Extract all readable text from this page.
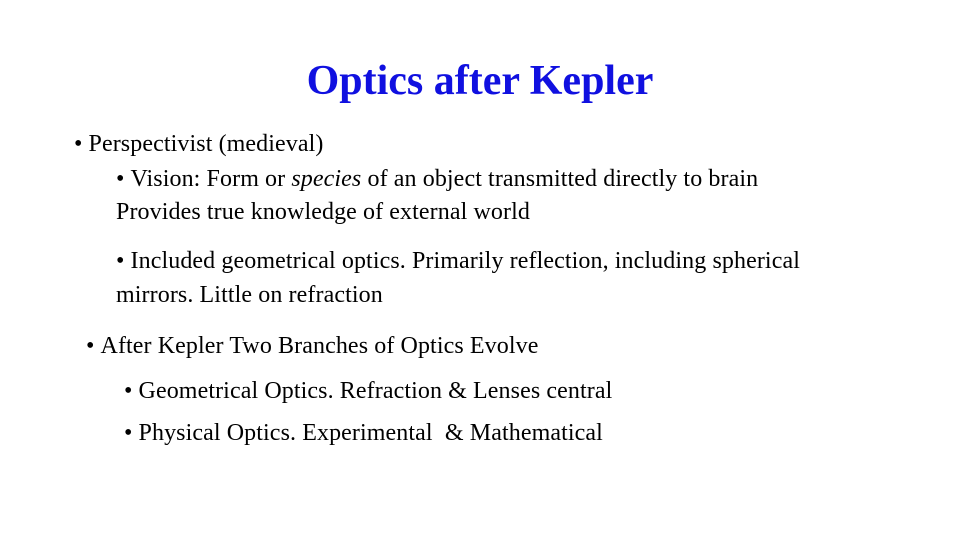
Optics after Kepler
• Perspectivist (medieval)
• Vision: Form or species of an object transmitted directly to brain
Provides true knowledge of external world
• Included geometrical optics. Primarily reflection, including spherical
mirrors. Little on refraction
• After Kepler Two Branches of Optics Evolve
• Geometrical Optics. Refraction & Lenses central
• Physical Optics. Experimental  & Mathematical
